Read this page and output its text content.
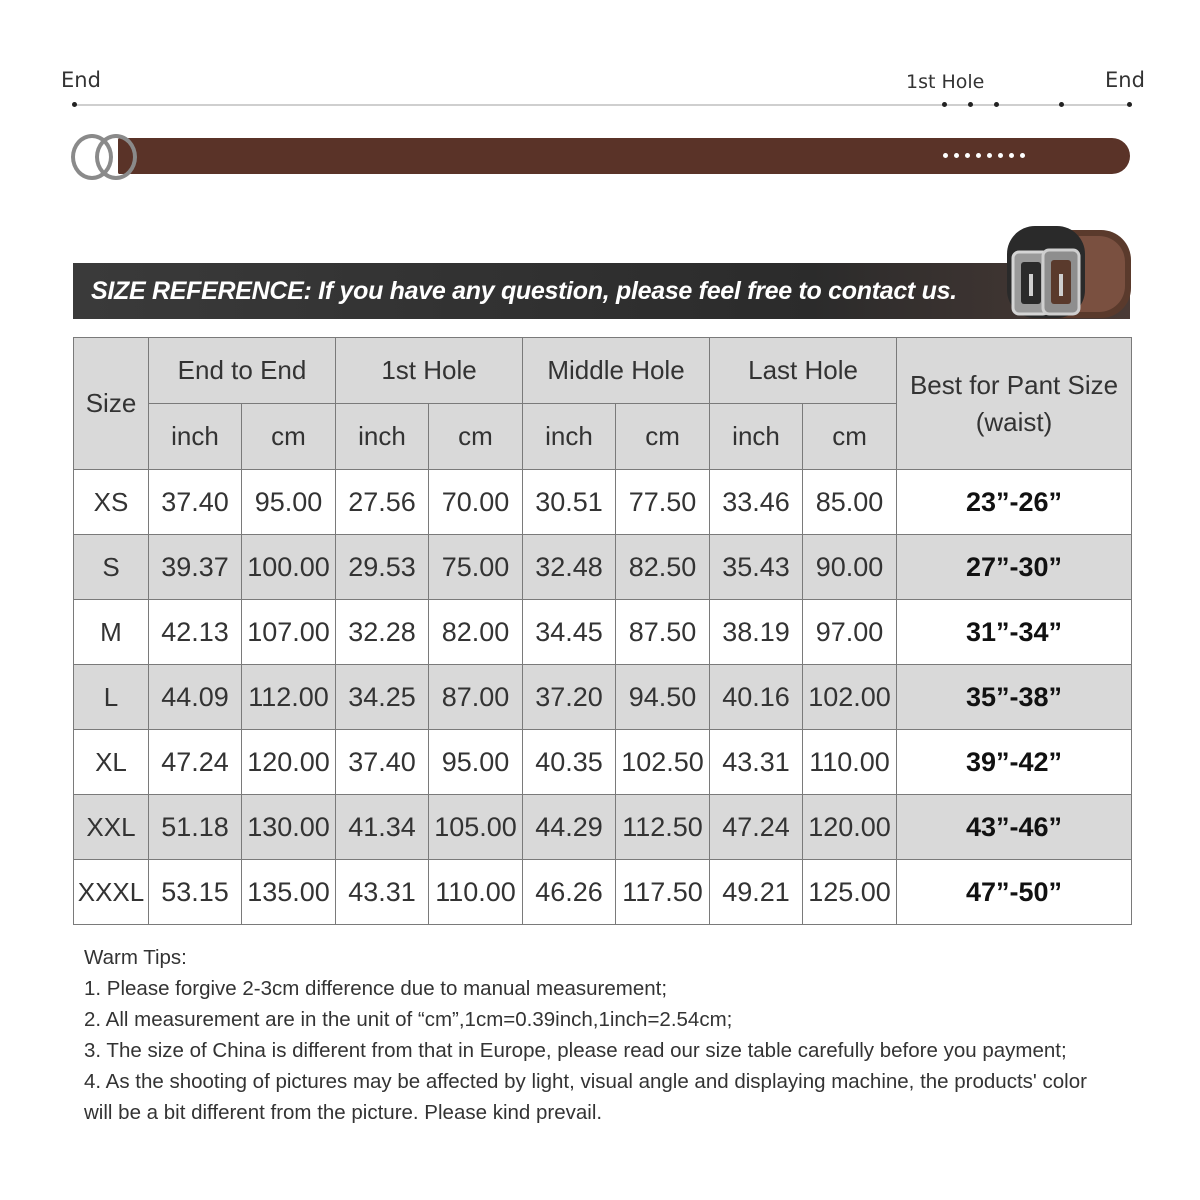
End	1st Hole	End
SIZE REFERENCE: If you have any question, please feel free to contact us.
Size	End to End		1st Hole		Middle Hole		Last Hole		Best for Pant Size
(waist)

	inch	cm	inch	cm	inch	cm	inch	cm	
XS	37.40	95.00	27.56	70.00	30.51	77.50	33.46	85.00	23”-26”
S	39.37	100.00	29.53	75.00	32.48	82.50	35.43	90.00	27”-30”
M	42.13	107.00	32.28	82.00	34.45	87.50	38.19	97.00	31”-34”
L	44.09	112.00	34.25	87.00	37.20	94.50	40.16	102.00	35”-38”
XL	47.24	120.00	37.40	95.00	40.35	102.50	43.31	110.00	39”-42”
XXL	51.18	130.00	41.34	105.00	44.29	112.50	47.24	120.00	43”-46”
XXXL	53.15	135.00	43.31	110.00	46.26	117.50	49.21	125.00	47”-50”

Warm Tips:

1. Please forgive 2-3cm difference due to manual measurement;

2. All measurement are in the unit of “cm”,1cm=0.39inch,1inch=2.54cm;

3. The size of China is different from that in Europe, please read our size table carefully before you payment;

4. As the shooting of pictures may be affected by light, visual angle and displaying machine, the products' color

will be a bit different from the picture. Please kind prevail.
